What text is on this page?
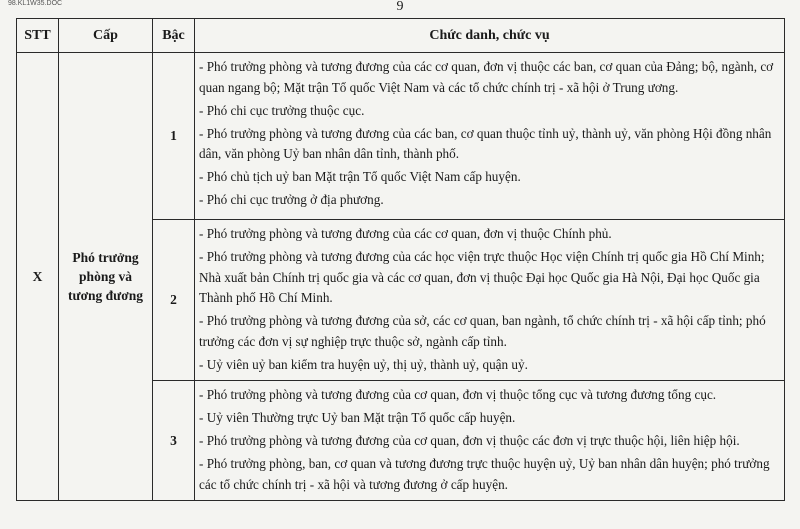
98.KL1W35.DOC	9
STT	Cấp	Bậc	Chức danh, chức vụ
X	Phó trưởng phòng và tương đương	1	- Phó trưởng phòng và tương đương của các cơ quan, đơn vị thuộc các ban, cơ quan của Đảng; bộ, ngành, cơ quan ngang bộ; Mặt trận Tổ quốc Việt Nam và các tổ chức chính trị - xã hội ở Trung ương.
- Phó chi cục trưởng thuộc cục.
- Phó trưởng phòng và tương đương của các ban, cơ quan thuộc tỉnh uỷ, thành uỷ, văn phòng Hội đồng nhân dân, văn phòng Uỷ ban nhân dân tỉnh, thành phố.
- Phó chủ tịch uỷ ban Mặt trận Tổ quốc Việt Nam cấp huyện.
- Phó chi cục trưởng ở địa phương.

		2	- Phó trưởng phòng và tương đương của các cơ quan, đơn vị thuộc Chính phủ.
- Phó trưởng phòng và tương đương của các học viện trực thuộc Học viện Chính trị quốc gia Hồ Chí Minh; Nhà xuất bản Chính trị quốc gia và các cơ quan, đơn vị thuộc Đại học Quốc gia Hà Nội, Đại học Quốc gia Thành phố Hồ Chí Minh.
- Phó trưởng phòng và tương đương của sở, các cơ quan, ban ngành, tổ chức chính trị - xã hội cấp tỉnh; phó trưởng các đơn vị sự nghiệp trực thuộc sở, ngành cấp tỉnh.
- Uỷ viên uỷ ban kiểm tra huyện uỷ, thị uỷ, thành uỷ, quận uỷ.

		3	- Phó trưởng phòng và tương đương của cơ quan, đơn vị thuộc tổng cục và tương đương tổng cục.
- Uỷ viên Thường trực Uỷ ban Mặt trận Tổ quốc cấp huyện.
- Phó trưởng phòng và tương đương của cơ quan, đơn vị thuộc các đơn vị trực thuộc hội, liên hiệp hội.
- Phó trưởng phòng, ban, cơ quan và tương đương trực thuộc huyện uỷ, Uỷ ban nhân dân huyện; phó trưởng các tổ chức chính trị - xã hội và tương đương ở cấp huyện.
